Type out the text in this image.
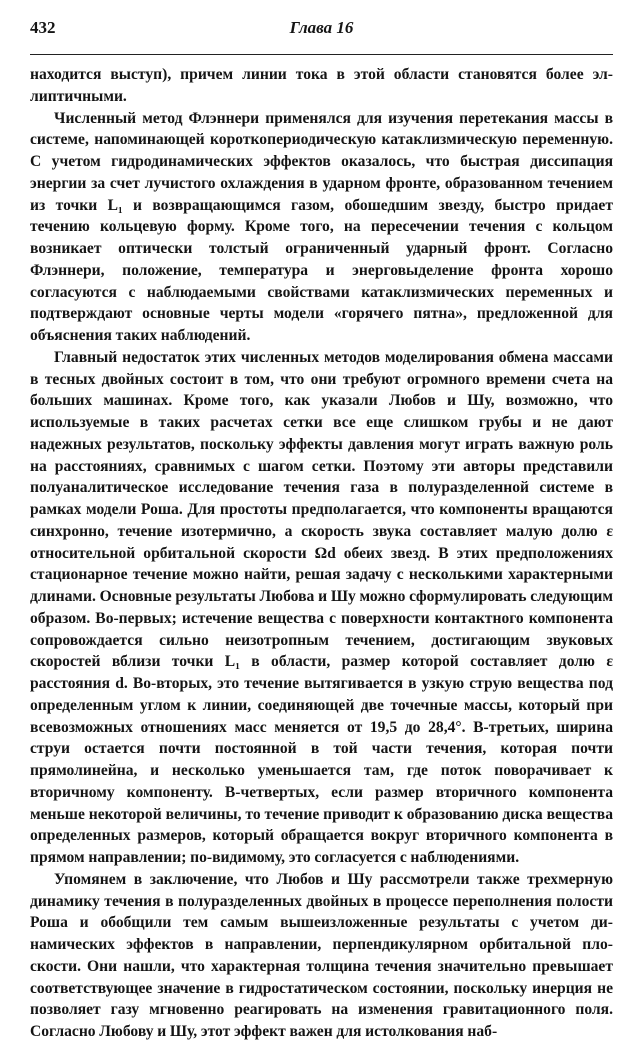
432	Глава 16

находится выступ), причем линии тока в этой области становятся более эллиптичными.

Численный метод Флэннери применялся для изучения перетекания массы в системе, напоминающей короткопериодическую катаклизмическую переменную. С учетом гидродинамических эффектов оказалось, что быстрая диссипация энергии за счет лучистого охлаждения в ударном фронте, образованном течением из точки L₁ и возвращающимся газом, обошедшим звезду, быстро придает течению кольцевую форму. Кроме того, на пересечении течения с кольцом возникает оптически толстый ограниченный ударный фронт. Согласно Флэннери, положение, температура и энерговыделение фронта хорошо согласуются с наблюдаемыми свойствами катаклизмических переменных и подтверждают основные черты модели «горячего пятна», предложенной для объяснения таких наблюдений.

Главный недостаток этих численных методов моделирования обмена массами в тесных двойных состоит в том, что они требуют огромного времени счета на больших машинах. Кроме того, как указали Любов и Шу, возможно, что используемые в таких расчетах сетки все еще слишком грубы и не дают надежных результатов, поскольку эффекты давления могут играть важную роль на расстояниях, сравнимых с шагом сетки. Поэтому эти авторы представили полуаналитическое исследование течения газа в полуразделенной системе в рамках модели Роша. Для простоты предполагается, что компоненты вращаются синхронно, течение изотермично, а скорость звука составляет малую долю ε относительной орбитальной скорости Ωd обеих звезд. В этих предположениях стационарное течение можно найти, решая задачу с несколькими характерными длинами. Основные результаты Любова и Шу можно сформулировать следующим образом. Во-первых; истечение вещества с поверхности контактного компонента сопровождается сильно неизотропным течением, достигающим звуковых скоростей вблизи точки L₁ в области, размер которой составляет долю ε расстояния d. Во-вторых, это течение вытягивается в узкую струю вещества под определенным углом к линии, соединяющей две точечные массы, который при всевозможных отношениях масс меняется от 19,5 до 28,4°. В-третьих, ширина струи остается почти постоянной в той части течения, которая почти прямолинейна, и несколько уменьшается там, где поток поворачивает к вторичному компоненту. В-четвертых, если размер вторичного компонента меньше некоторой величины, то течение приводит к образованию диска вещества определенных размеров, который обращается вокруг вторичного компонента в прямом направлении; по-видимому, это согласуется с наблюдениями.

Упомянем в заключение, что Любов и Шу рассмотрели также трехмерную динамику течения в полуразделенных двойных в процессе переполнения полости Роша и обобщили тем самым вышеизложенные результаты с учетом динамических эффектов в направлении, перпендикулярном орбитальной плоскости. Они нашли, что характерная толщина течения значительно превышает соответствующее значение в гидростатическом состоянии, поскольку инерция не позволяет газу мгновенно реагировать на изменения гравитационного поля. Согласно Любову и Шу, этот эффект важен для истолкования наб-
